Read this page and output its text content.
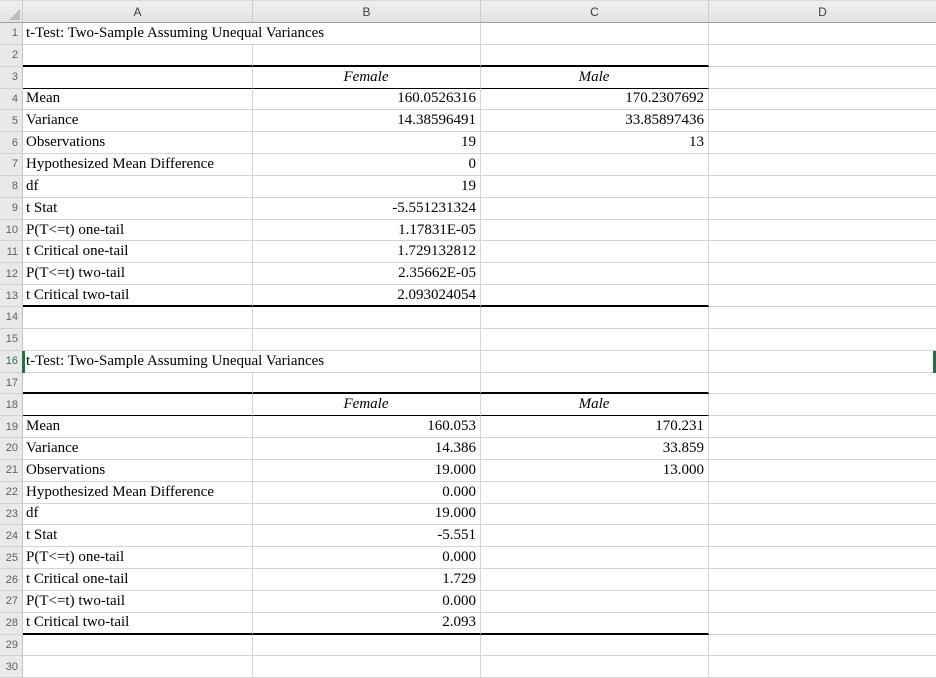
A	B	C	D
1 t-Test: Two-Sample Assuming Unequal Variances
2
3	Female	Male
4 Mean	160.0526316	170.2307692
5 Variance	14.38596491	33.85897436
6 Observations	19	13
7 Hypothesized Mean Difference	0
8 df	19
9 t Stat	-5.551231324
10 P(T<=t) one-tail	1.17831E-05
11 t Critical one-tail	1.729132812
12 P(T<=t) two-tail	2.35662E-05
13 t Critical two-tail	2.093024054
14
15
16 t-Test: Two-Sample Assuming Unequal Variances
17
18	Female	Male
19 Mean	160.053	170.231
20 Variance	14.386	33.859
21 Observations	19.000	13.000
22 Hypothesized Mean Difference	0.000
23 df	19.000
24 t Stat	-5.551
25 P(T<=t) one-tail	0.000
26 t Critical one-tail	1.729
27 P(T<=t) two-tail	0.000
28 t Critical two-tail	2.093
29
30
